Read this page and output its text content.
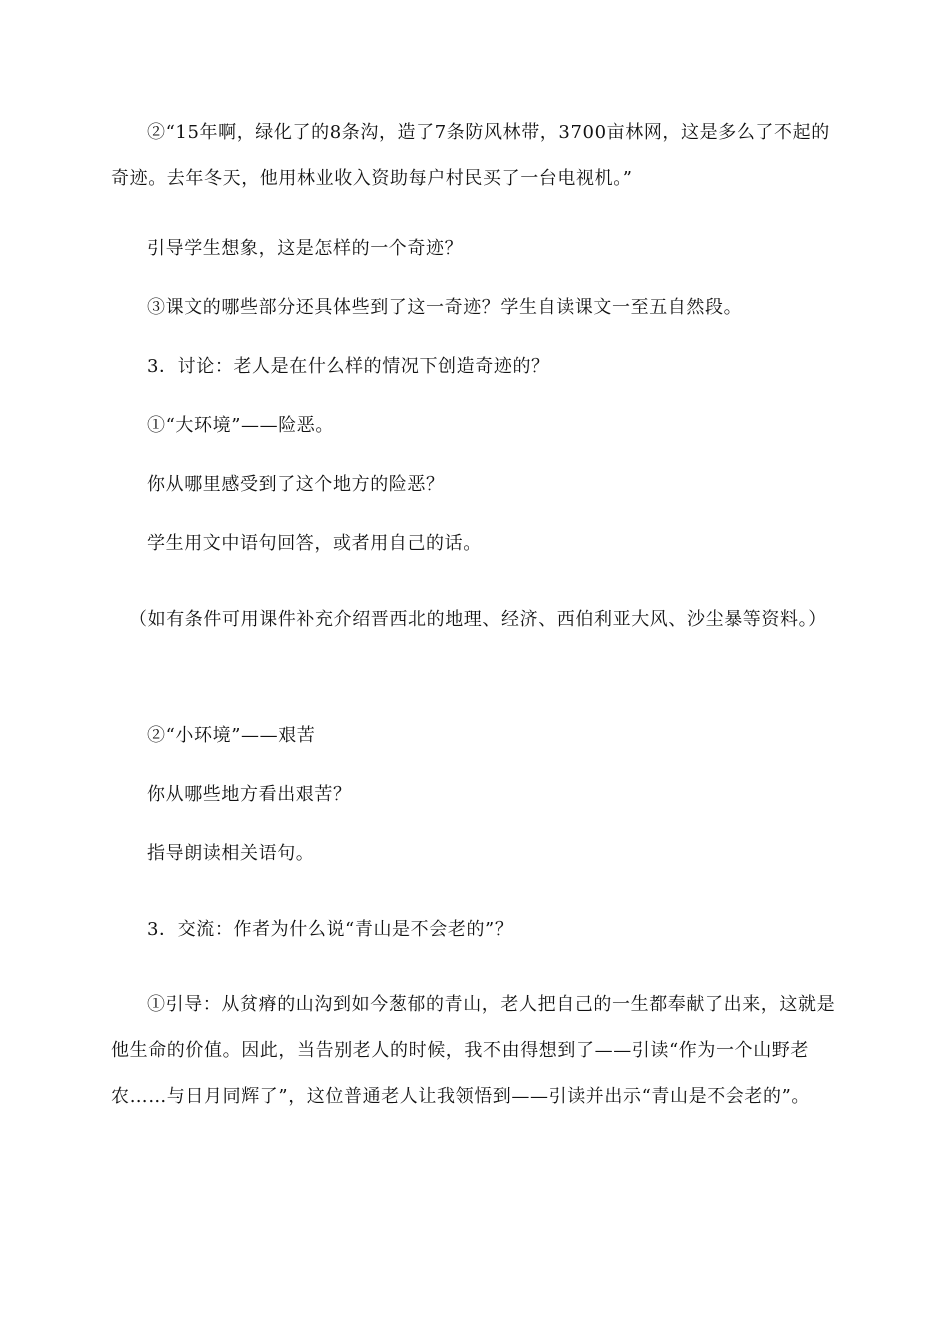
②“15年啊，绿化了的8条沟，造了7条防风林带，3700亩林网，这是多么了不起的奇迹。去年冬天，他用林业收入资助每户村民买了一台电视机。”

引导学生想象，这是怎样的一个奇迹？

③课文的哪些部分还具体些到了这一奇迹？学生自读课文一至五自然段。

3．讨论：老人是在什么样的情况下创造奇迹的？

①“大环境”——险恶。

你从哪里感受到了这个地方的险恶？

学生用文中语句回答，或者用自己的话。

（如有条件可用课件补充介绍晋西北的地理、经济、西伯利亚大风、沙尘暴等资料。）

②“小环境”——艰苦

你从哪些地方看出艰苦？

指导朗读相关语句。

3．交流：作者为什么说“青山是不会老的”？

①引导：从贫瘠的山沟到如今葱郁的青山，老人把自己的一生都奉献了出来，这就是他生命的价值。因此，当告别老人的时候，我不由得想到了——引读“作为一个山野老农……与日月同辉了”，这位普通老人让我领悟到——引读并出示“青山是不会老的”。
